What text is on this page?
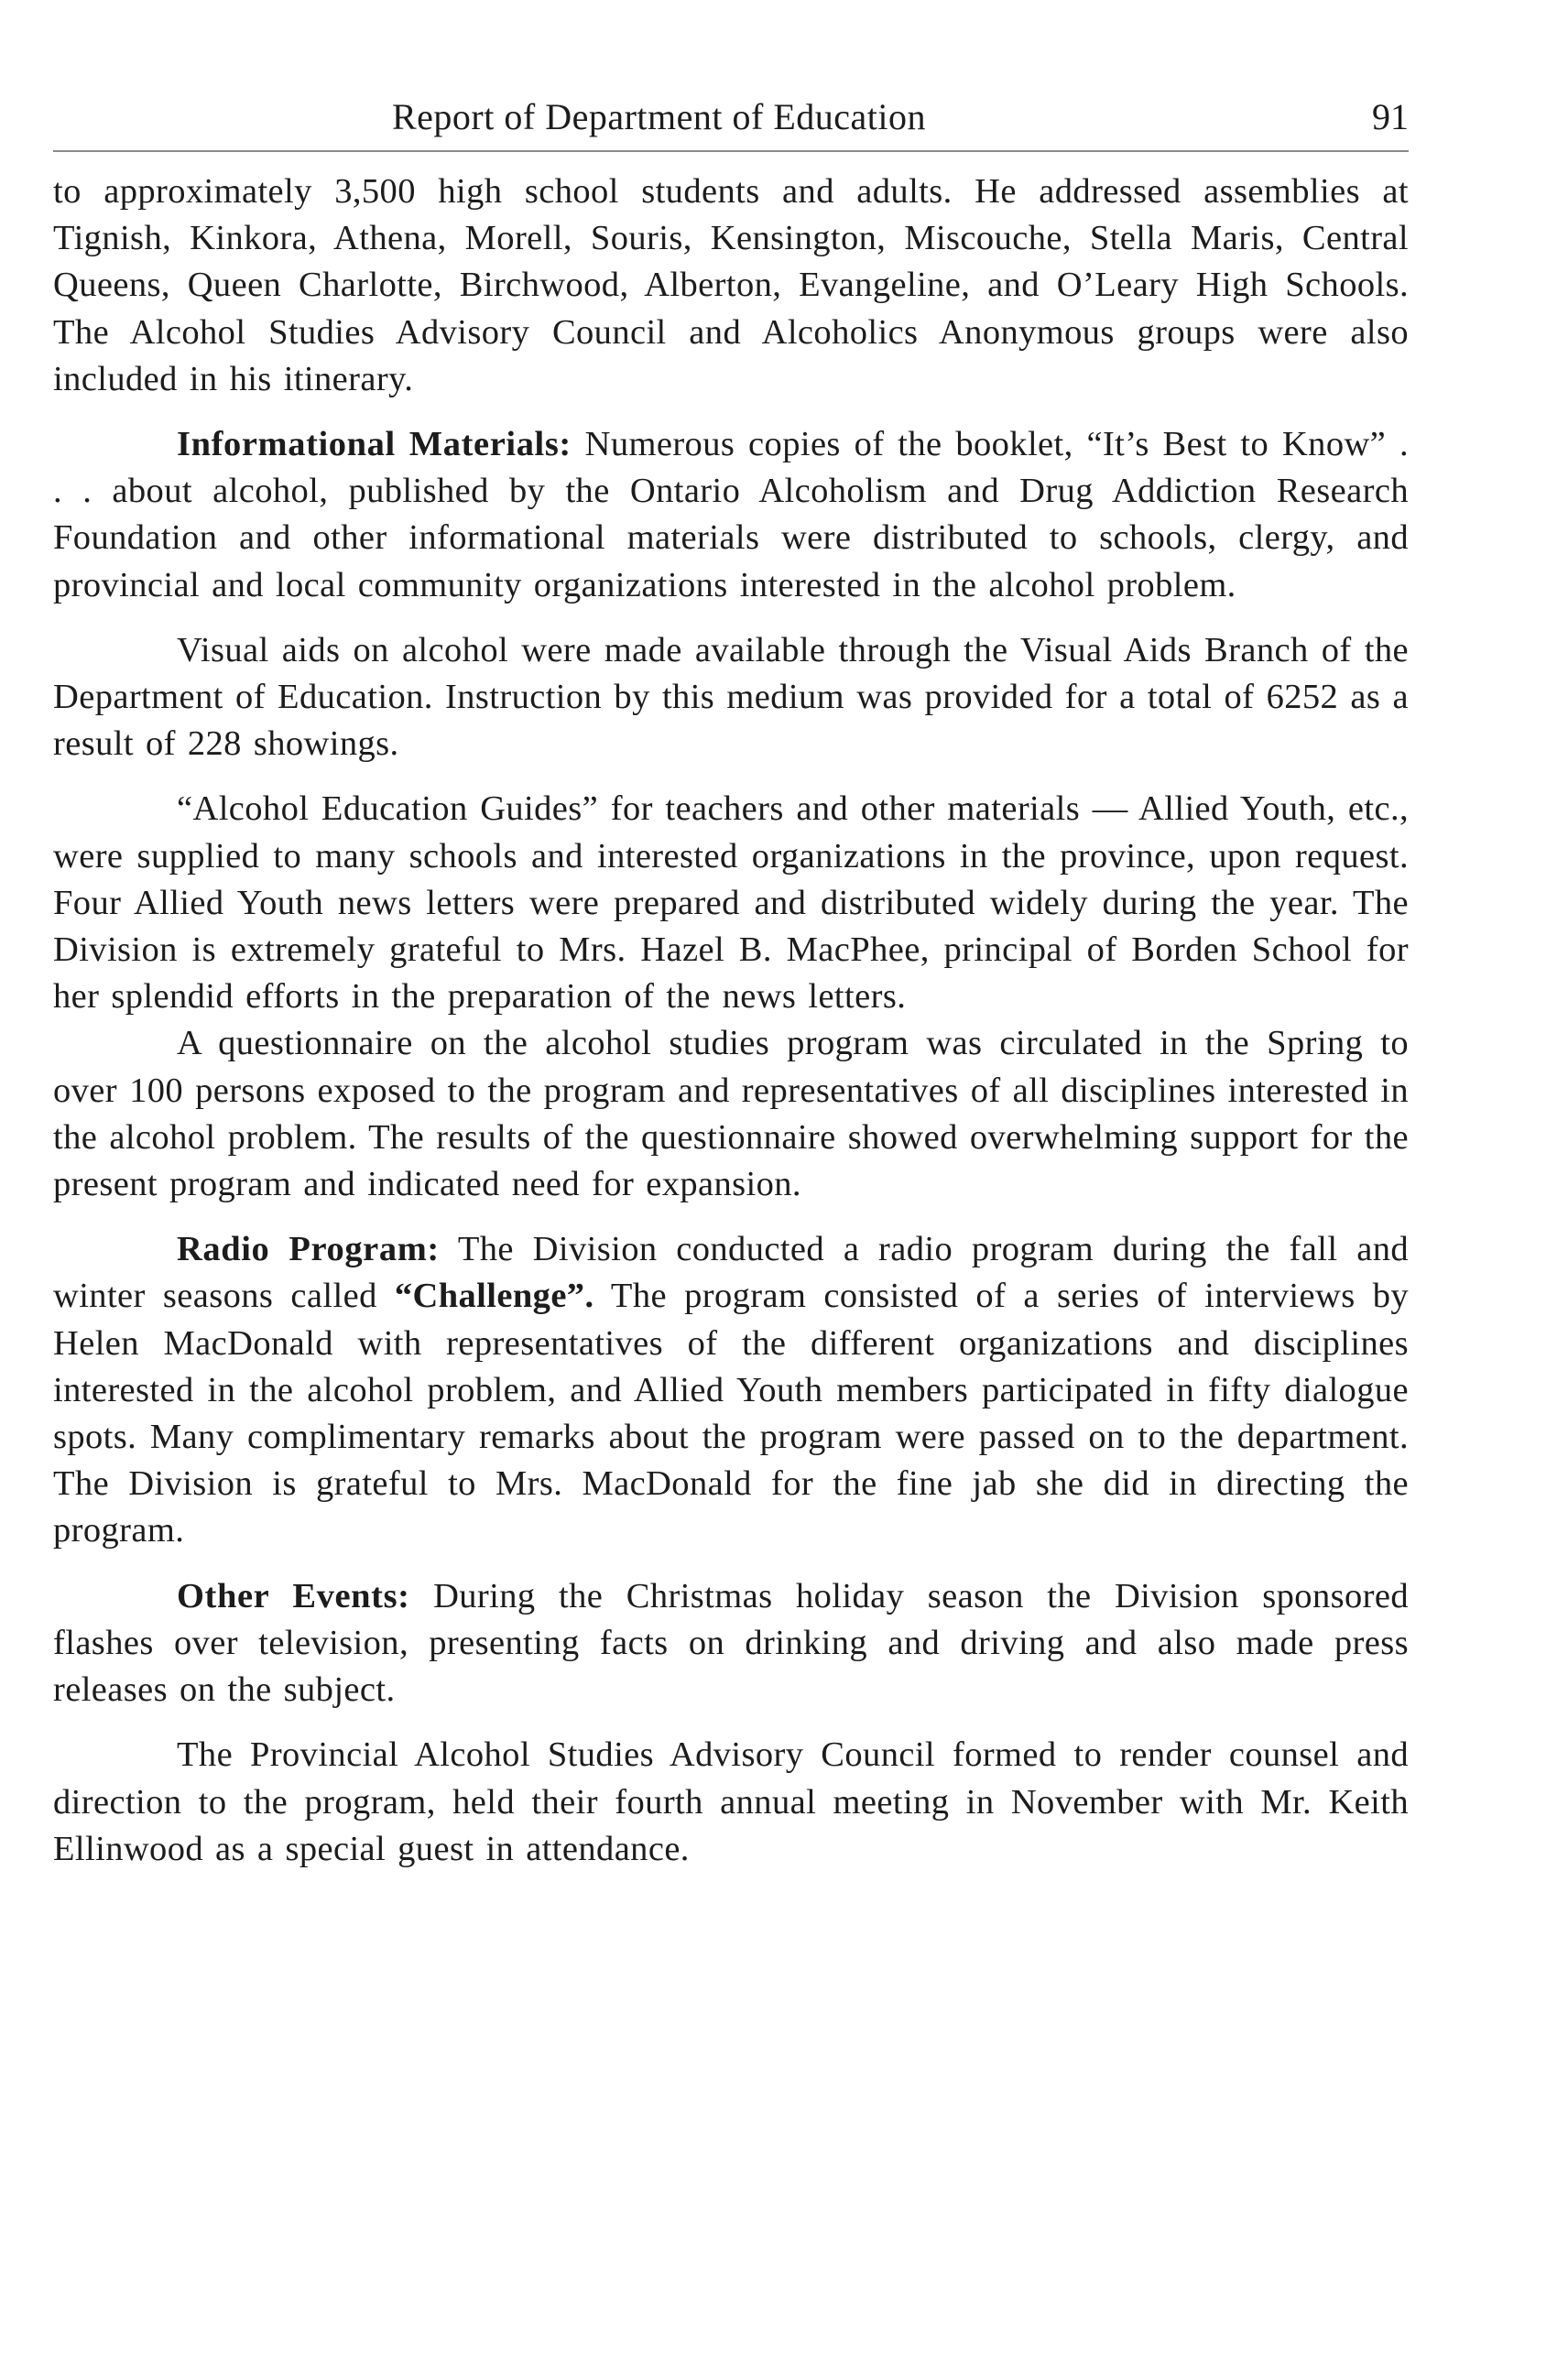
Report of Department of Education	91

to approximately 3,500 high school students and adults. He addressed assemblies at Tignish, Kinkora, Athena, Morell, Souris, Kensington, Miscouche, Stella Maris, Central Queens, Queen Charlotte, Birchwood, Alberton, Evangeline, and O’Leary High Schools. The Alcohol Studies Advisory Council and Alcoholics Anonymous groups were also included in his itinerary.

Informational Materials: Numerous copies of the booklet, “It’s Best to Know” . . . about alcohol, published by the Ontario Alcoholism and Drug Addiction Research Foundation and other informational materials were distributed to schools, clergy, and provincial and local community organizations interested in the alcohol problem.

Visual aids on alcohol were made available through the Visual Aids Branch of the Department of Education. Instruction by this medium was provided for a total of 6252 as a result of 228 showings.

“Alcohol Education Guides” for teachers and other materials — Allied Youth, etc., were supplied to many schools and interested organizations in the province, upon request. Four Allied Youth news letters were prepared and distributed widely during the year. The Division is extremely grateful to Mrs. Hazel B. MacPhee, principal of Borden School for her splendid efforts in the preparation of the news letters.

A questionnaire on the alcohol studies program was circulated in the Spring to over 100 persons exposed to the program and representatives of all disciplines interested in the alcohol problem. The results of the questionnaire showed overwhelming support for the present program and indicated need for expansion.

Radio Program: The Division conducted a radio program during the fall and winter seasons called “Challenge”. The program consisted of a series of interviews by Helen MacDonald with representatives of the different organizations and disciplines interested in the alcohol problem, and Allied Youth members participated in fifty dialogue spots. Many complimentary remarks about the program were passed on to the department. The Division is grateful to Mrs. MacDonald for the fine jab she did in directing the program.

Other Events: During the Christmas holiday season the Division sponsored flashes over television, presenting facts on drinking and driving and also made press releases on the subject.

The Provincial Alcohol Studies Advisory Council formed to render counsel and direction to the program, held their fourth annual meeting in November with Mr. Keith Ellinwood as a special guest in attendance.
